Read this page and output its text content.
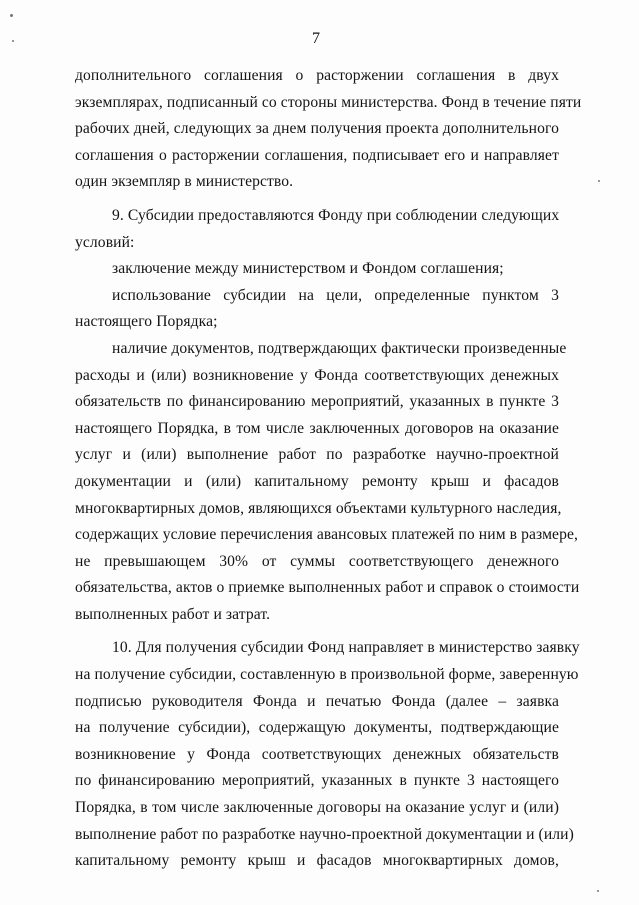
7
дополнительного соглашения о расторжении соглашения в двух
экземплярах, подписанный со стороны министерства. Фонд в течение пяти
рабочих дней, следующих за днем получения проекта дополнительного
соглашения о расторжении соглашения, подписывает его и направляет
один экземпляр в министерство.
9. Субсидии предоставляются Фонду при соблюдении следующих
условий:
заключение между министерством и Фондом соглашения;
использование субсидии на цели, определенные пунктом 3
настоящего Порядка;
наличие документов, подтверждающих фактически произведенные
расходы и (или) возникновение у Фонда соответствующих денежных
обязательств по финансированию мероприятий, указанных в пункте 3
настоящего Порядка, в том числе заключенных договоров на оказание
услуг и (или) выполнение работ по разработке научно-проектной
документации и (или) капитальному ремонту крыш и фасадов
многоквартирных домов, являющихся объектами культурного наследия,
содержащих условие перечисления авансовых платежей по ним в размере,
не превышающем 30% от суммы соответствующего денежного
обязательства, актов о приемке выполненных работ и справок о стоимости
выполненных работ и затрат.
10. Для получения субсидии Фонд направляет в министерство заявку
на получение субсидии, составленную в произвольной форме, заверенную
подписью руководителя Фонда и печатью Фонда (далее – заявка
на получение субсидии), содержащую документы, подтверждающие
возникновение у Фонда соответствующих денежных обязательств
по финансированию мероприятий, указанных в пункте 3 настоящего
Порядка, в том числе заключенные договоры на оказание услуг и (или)
выполнение работ по разработке научно-проектной документации и (или)
капитальному ремонту крыш и фасадов многоквартирных домов,
